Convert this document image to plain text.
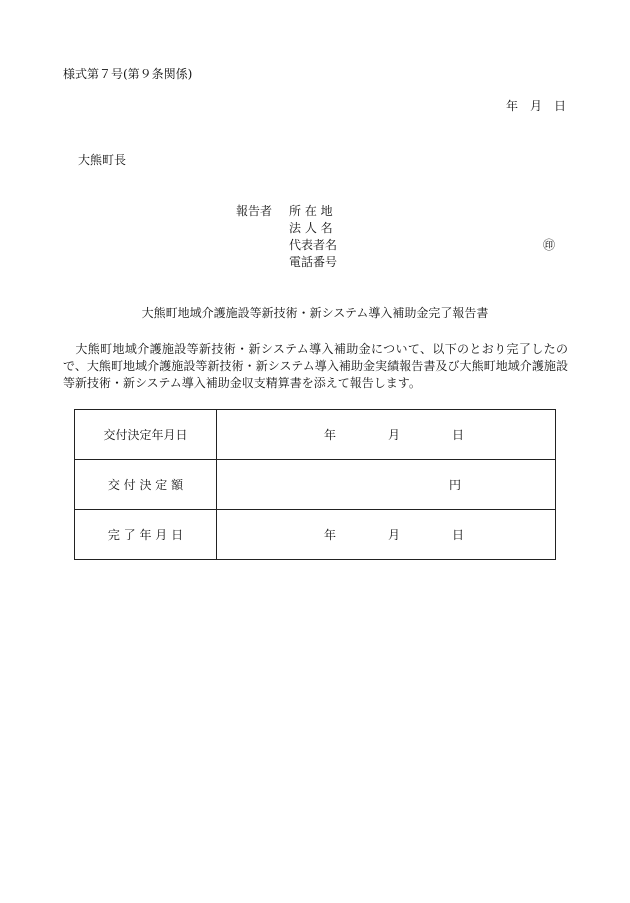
様式第７号(第９条関係)
年　月　日
大熊町長
報告者 所 在 地
法 人 名
代表者名
電話番号
㊞
大熊町地域介護施設等新技術・新システム導入補助金完了報告書
　大熊町地域介護施設等新技術・新システム導入補助金について、以下のとおり完了したので、大熊町地域介護施設等新技術・新システム導入補助金実績報告書及び大熊町地域介護施設等新技術・新システム導入補助金収支精算書を添えて報告します。
交付決定年月日	年 月 日

交 付 決 定 額	円

完 了 年 月 日	年 月 日
